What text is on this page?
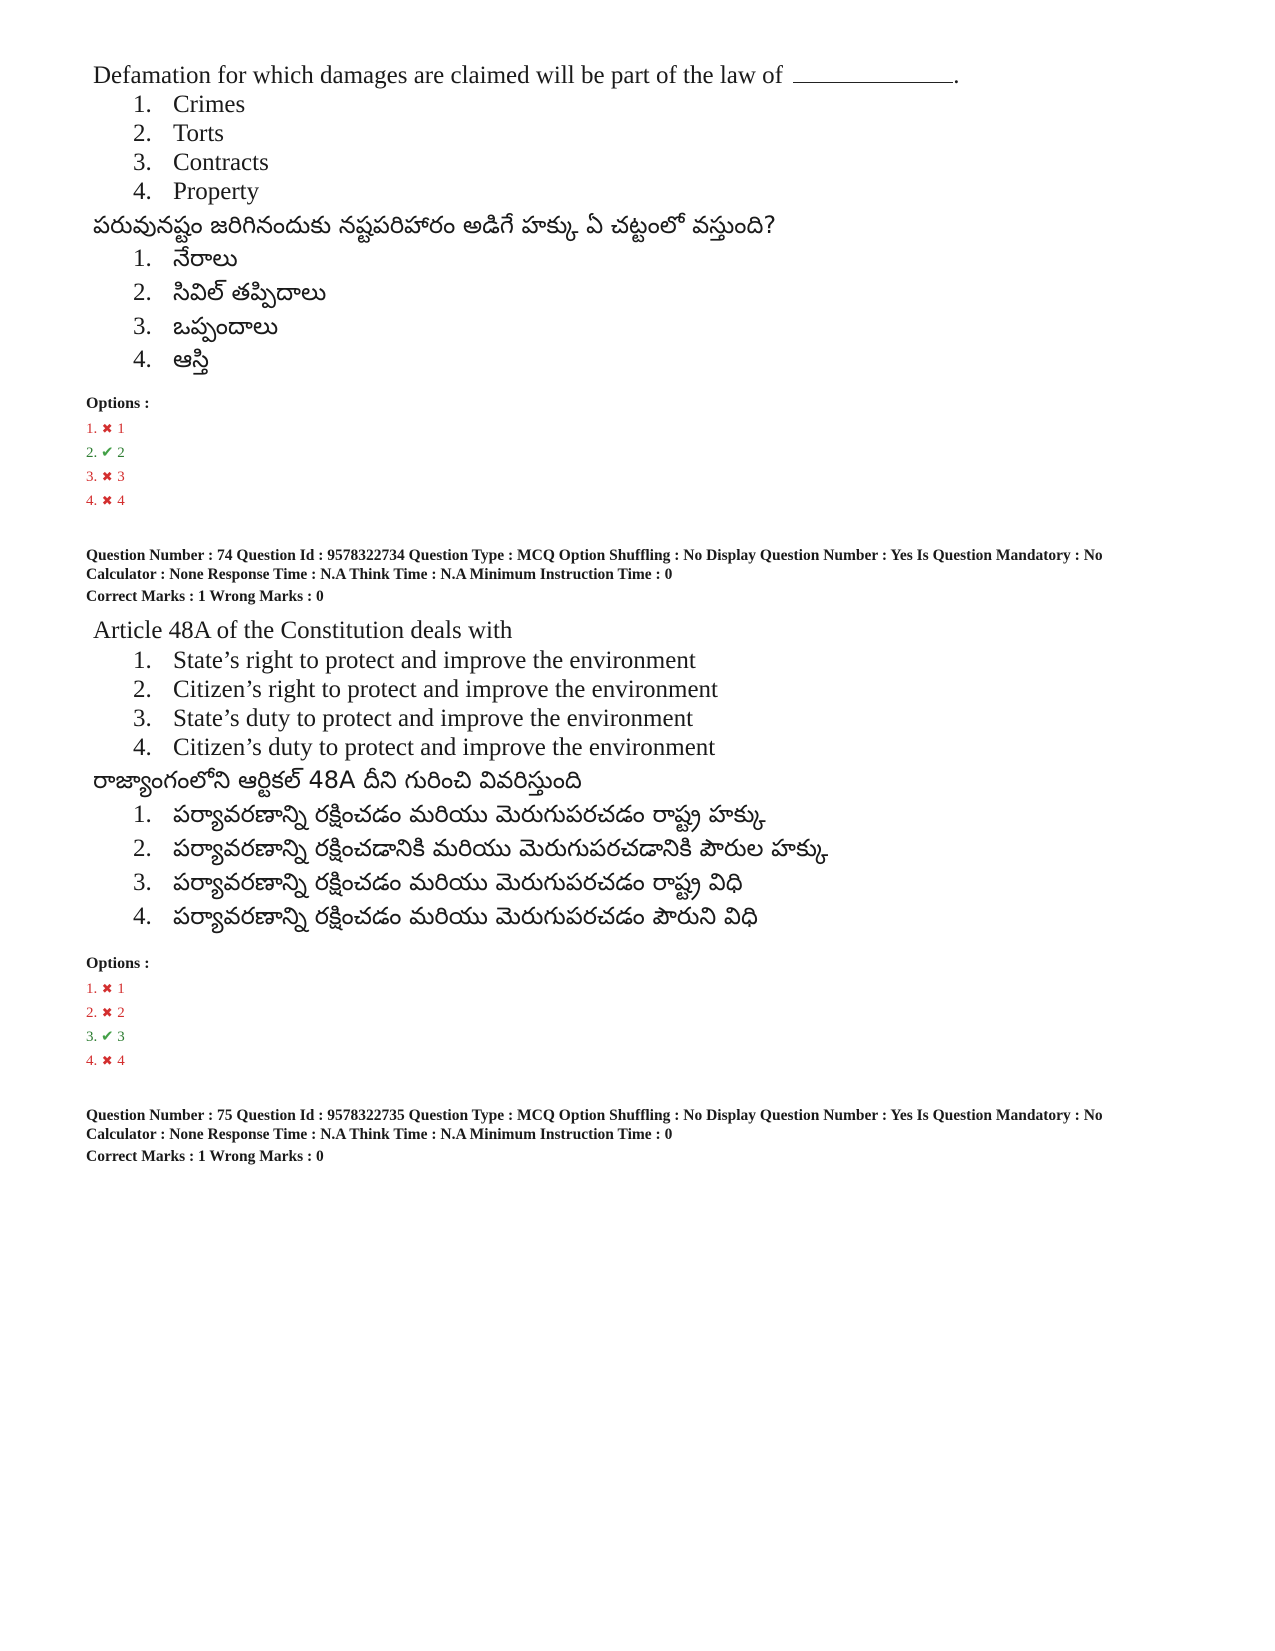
Defamation for which damages are claimed will be part of the law of	.
1. Crimes
2. Torts
3. Contracts
4. Property
పరువునష్టం జరిగినందుకు నష్టపరిహారం అడిగే హక్కు ఏ చట్టంలో వస్తుంది?
1. నేరాలు
2. సివిల్ తప్పిదాలు
3. ఒప్పందాలు
4. ఆస్తి
Options :
1. ✖ 1
2. ✔ 2
3. ✖ 3
4. ✖ 4
Question Number : 74 Question Id : 9578322734 Question Type : MCQ Option Shuffling : No Display Question Number : Yes Is Question Mandatory : No
Calculator : None Response Time : N.A Think Time : N.A Minimum Instruction Time : 0
Correct Marks : 1 Wrong Marks : 0
Article 48A of the Constitution deals with
1. State’s right to protect and improve the environment
2. Citizen’s right to protect and improve the environment
3. State’s duty to protect and improve the environment
4. Citizen’s duty to protect and improve the environment
రాజ్యాంగంలోని ఆర్టికల్ 48A దీని గురించి వివరిస్తుంది
1. పర్యావరణాన్ని రక్షించడం మరియు మెరుగుపరచడం రాష్ట్ర హక్కు
2. పర్యావరణాన్ని రక్షించడానికి మరియు మెరుగుపరచడానికి పౌరుల హక్కు
3. పర్యావరణాన్ని రక్షించడం మరియు మెరుగుపరచడం రాష్ట్ర విధి
4. పర్యావరణాన్ని రక్షించడం మరియు మెరుగుపరచడం పౌరుని విధి
Options :
1. ✖ 1
2. ✖ 2
3. ✔ 3
4. ✖ 4
Question Number : 75 Question Id : 9578322735 Question Type : MCQ Option Shuffling : No Display Question Number : Yes Is Question Mandatory : No
Calculator : None Response Time : N.A Think Time : N.A Minimum Instruction Time : 0
Correct Marks : 1 Wrong Marks : 0
